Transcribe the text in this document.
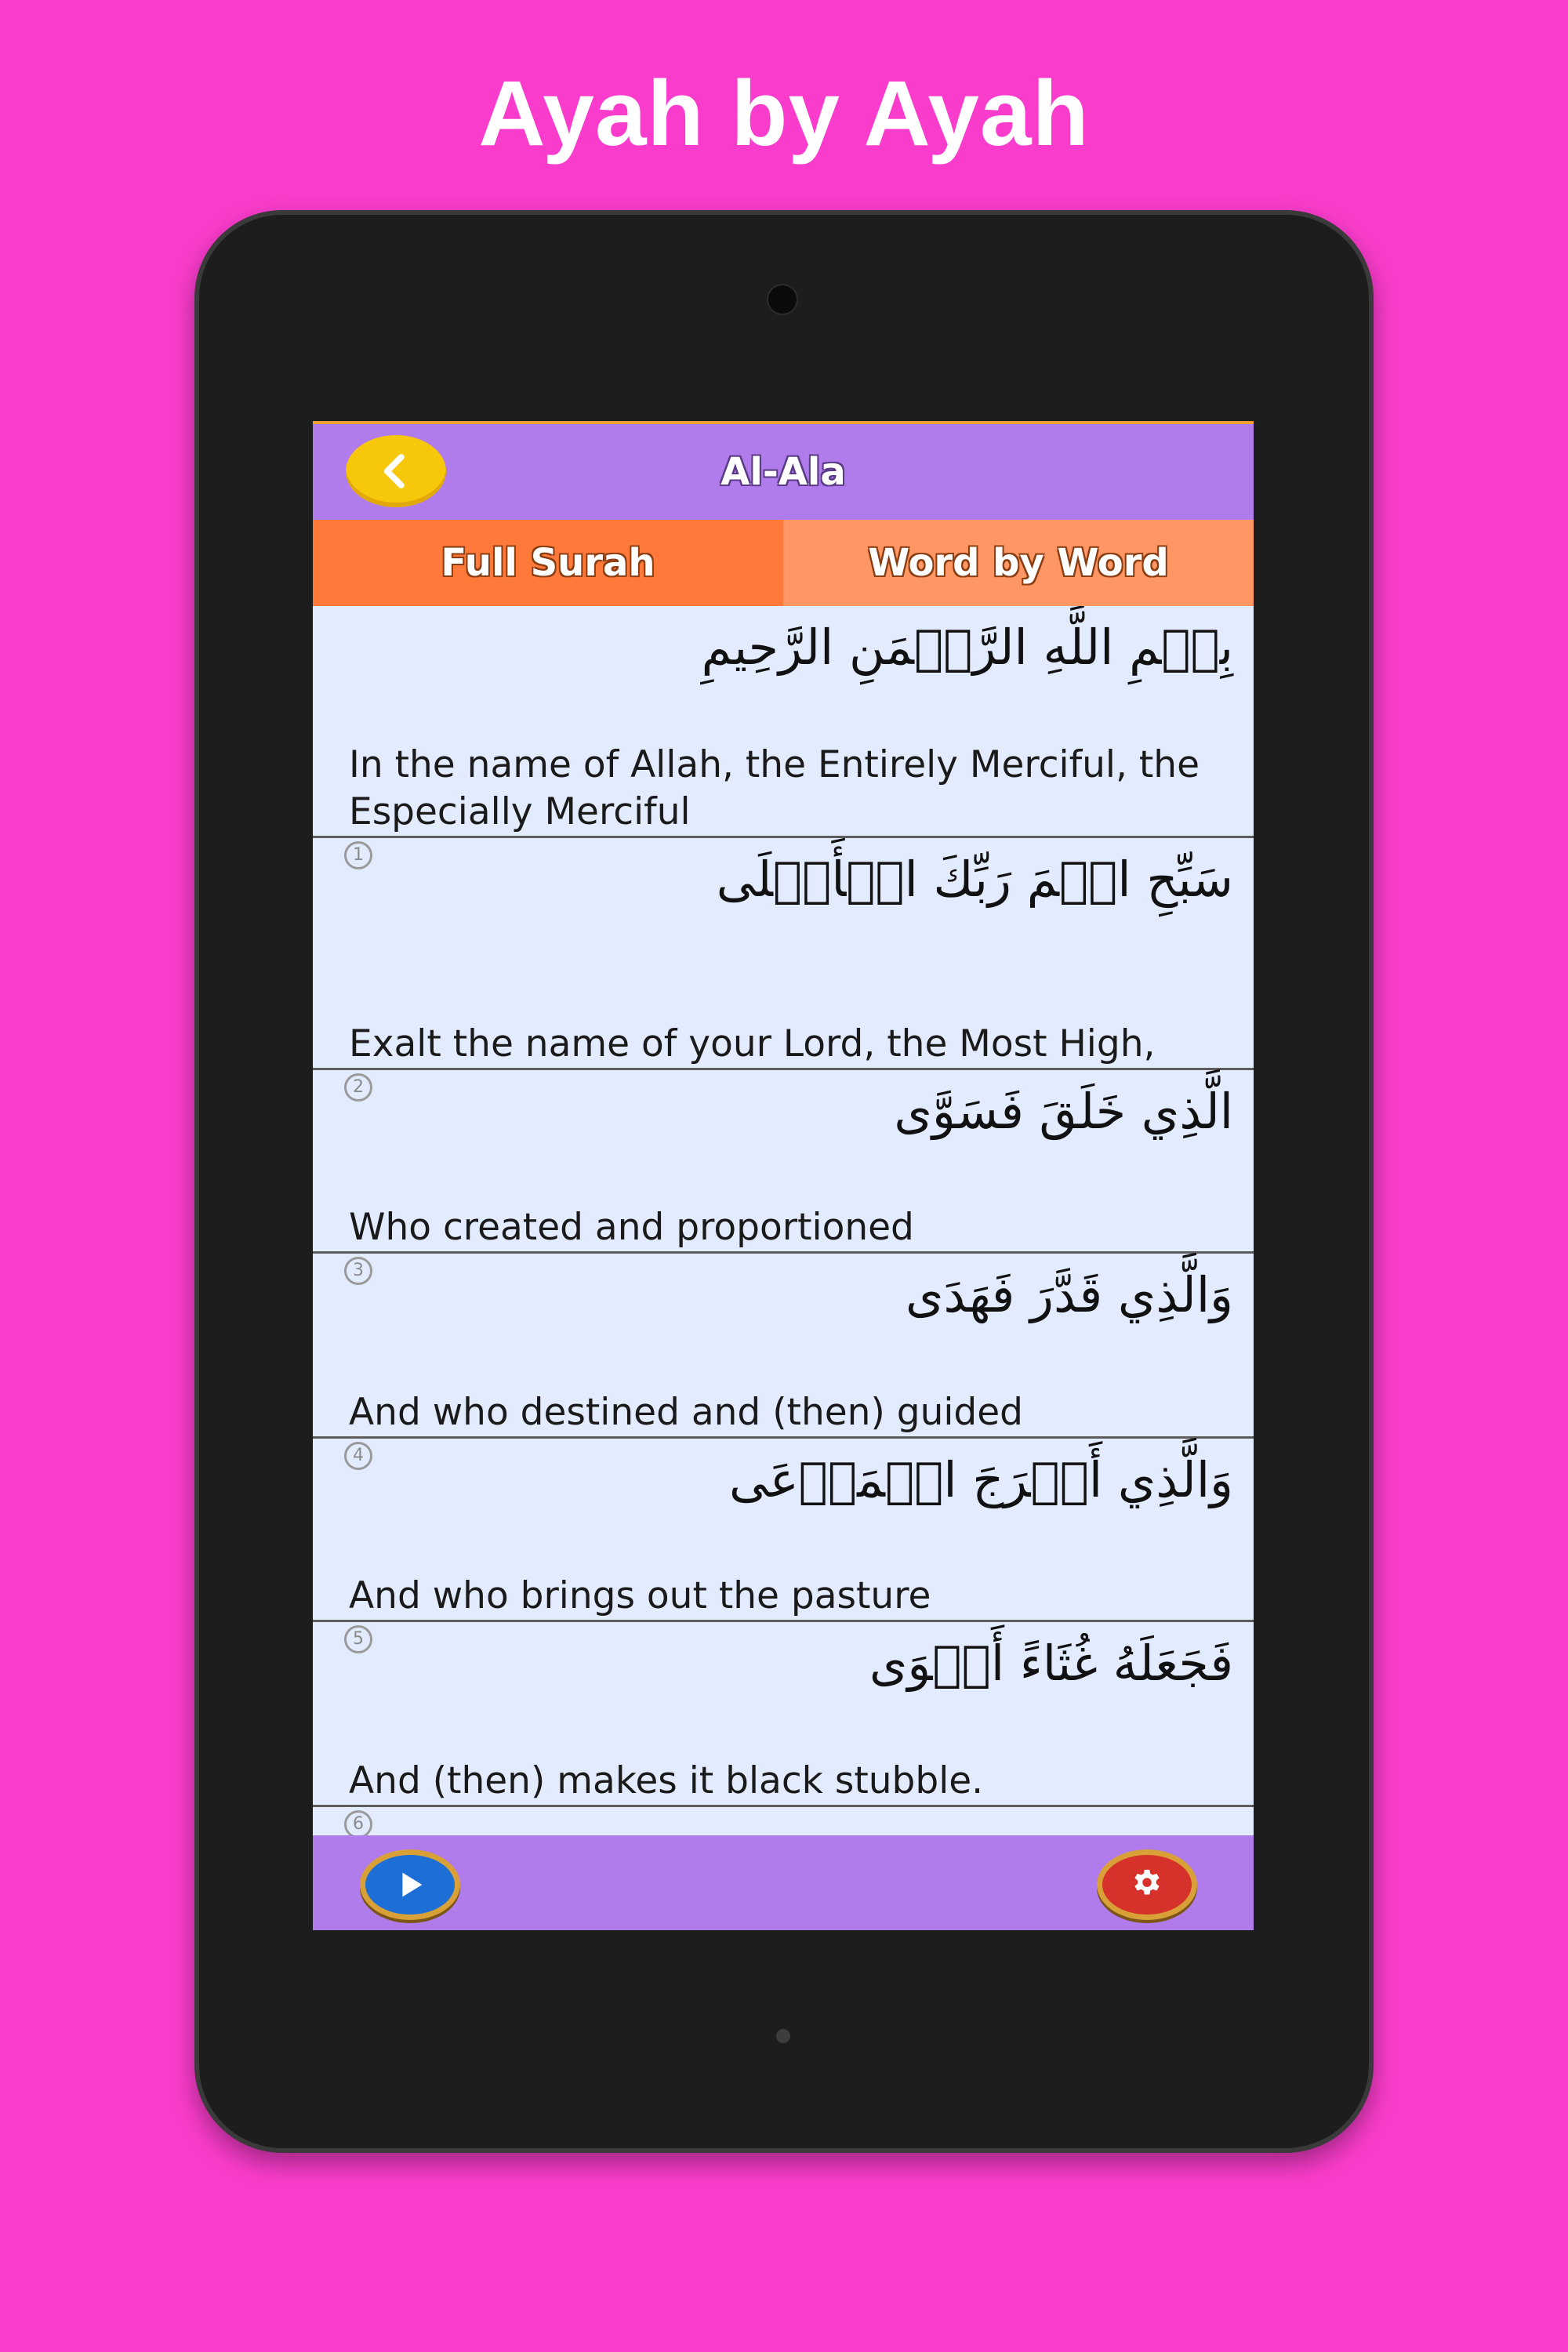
Ayah by Ayah
Al-Ala
Full Surah	Word by Word
بِسۡمِ اللَّهِ الرَّحۡمَنِ الرَّحِيمِ
In the name of Allah, the Entirely Merciful, the Especially Merciful
1	سَبِّحِ اسۡمَ رَبِّكَ الۡأَعۡلَى
Exalt the name of your Lord, the Most High,
2	الَّذِي خَلَقَ فَسَوَّى
Who created and proportioned
3	وَالَّذِي قَدَّرَ فَهَدَى
And who destined and (then) guided
4	وَالَّذِي أَخۡرَجَ الۡمَرۡعَى
And who brings out the pasture
5	فَجَعَلَهُ غُثَاءً أَحۡوَى
And (then) makes it black stubble.
6
